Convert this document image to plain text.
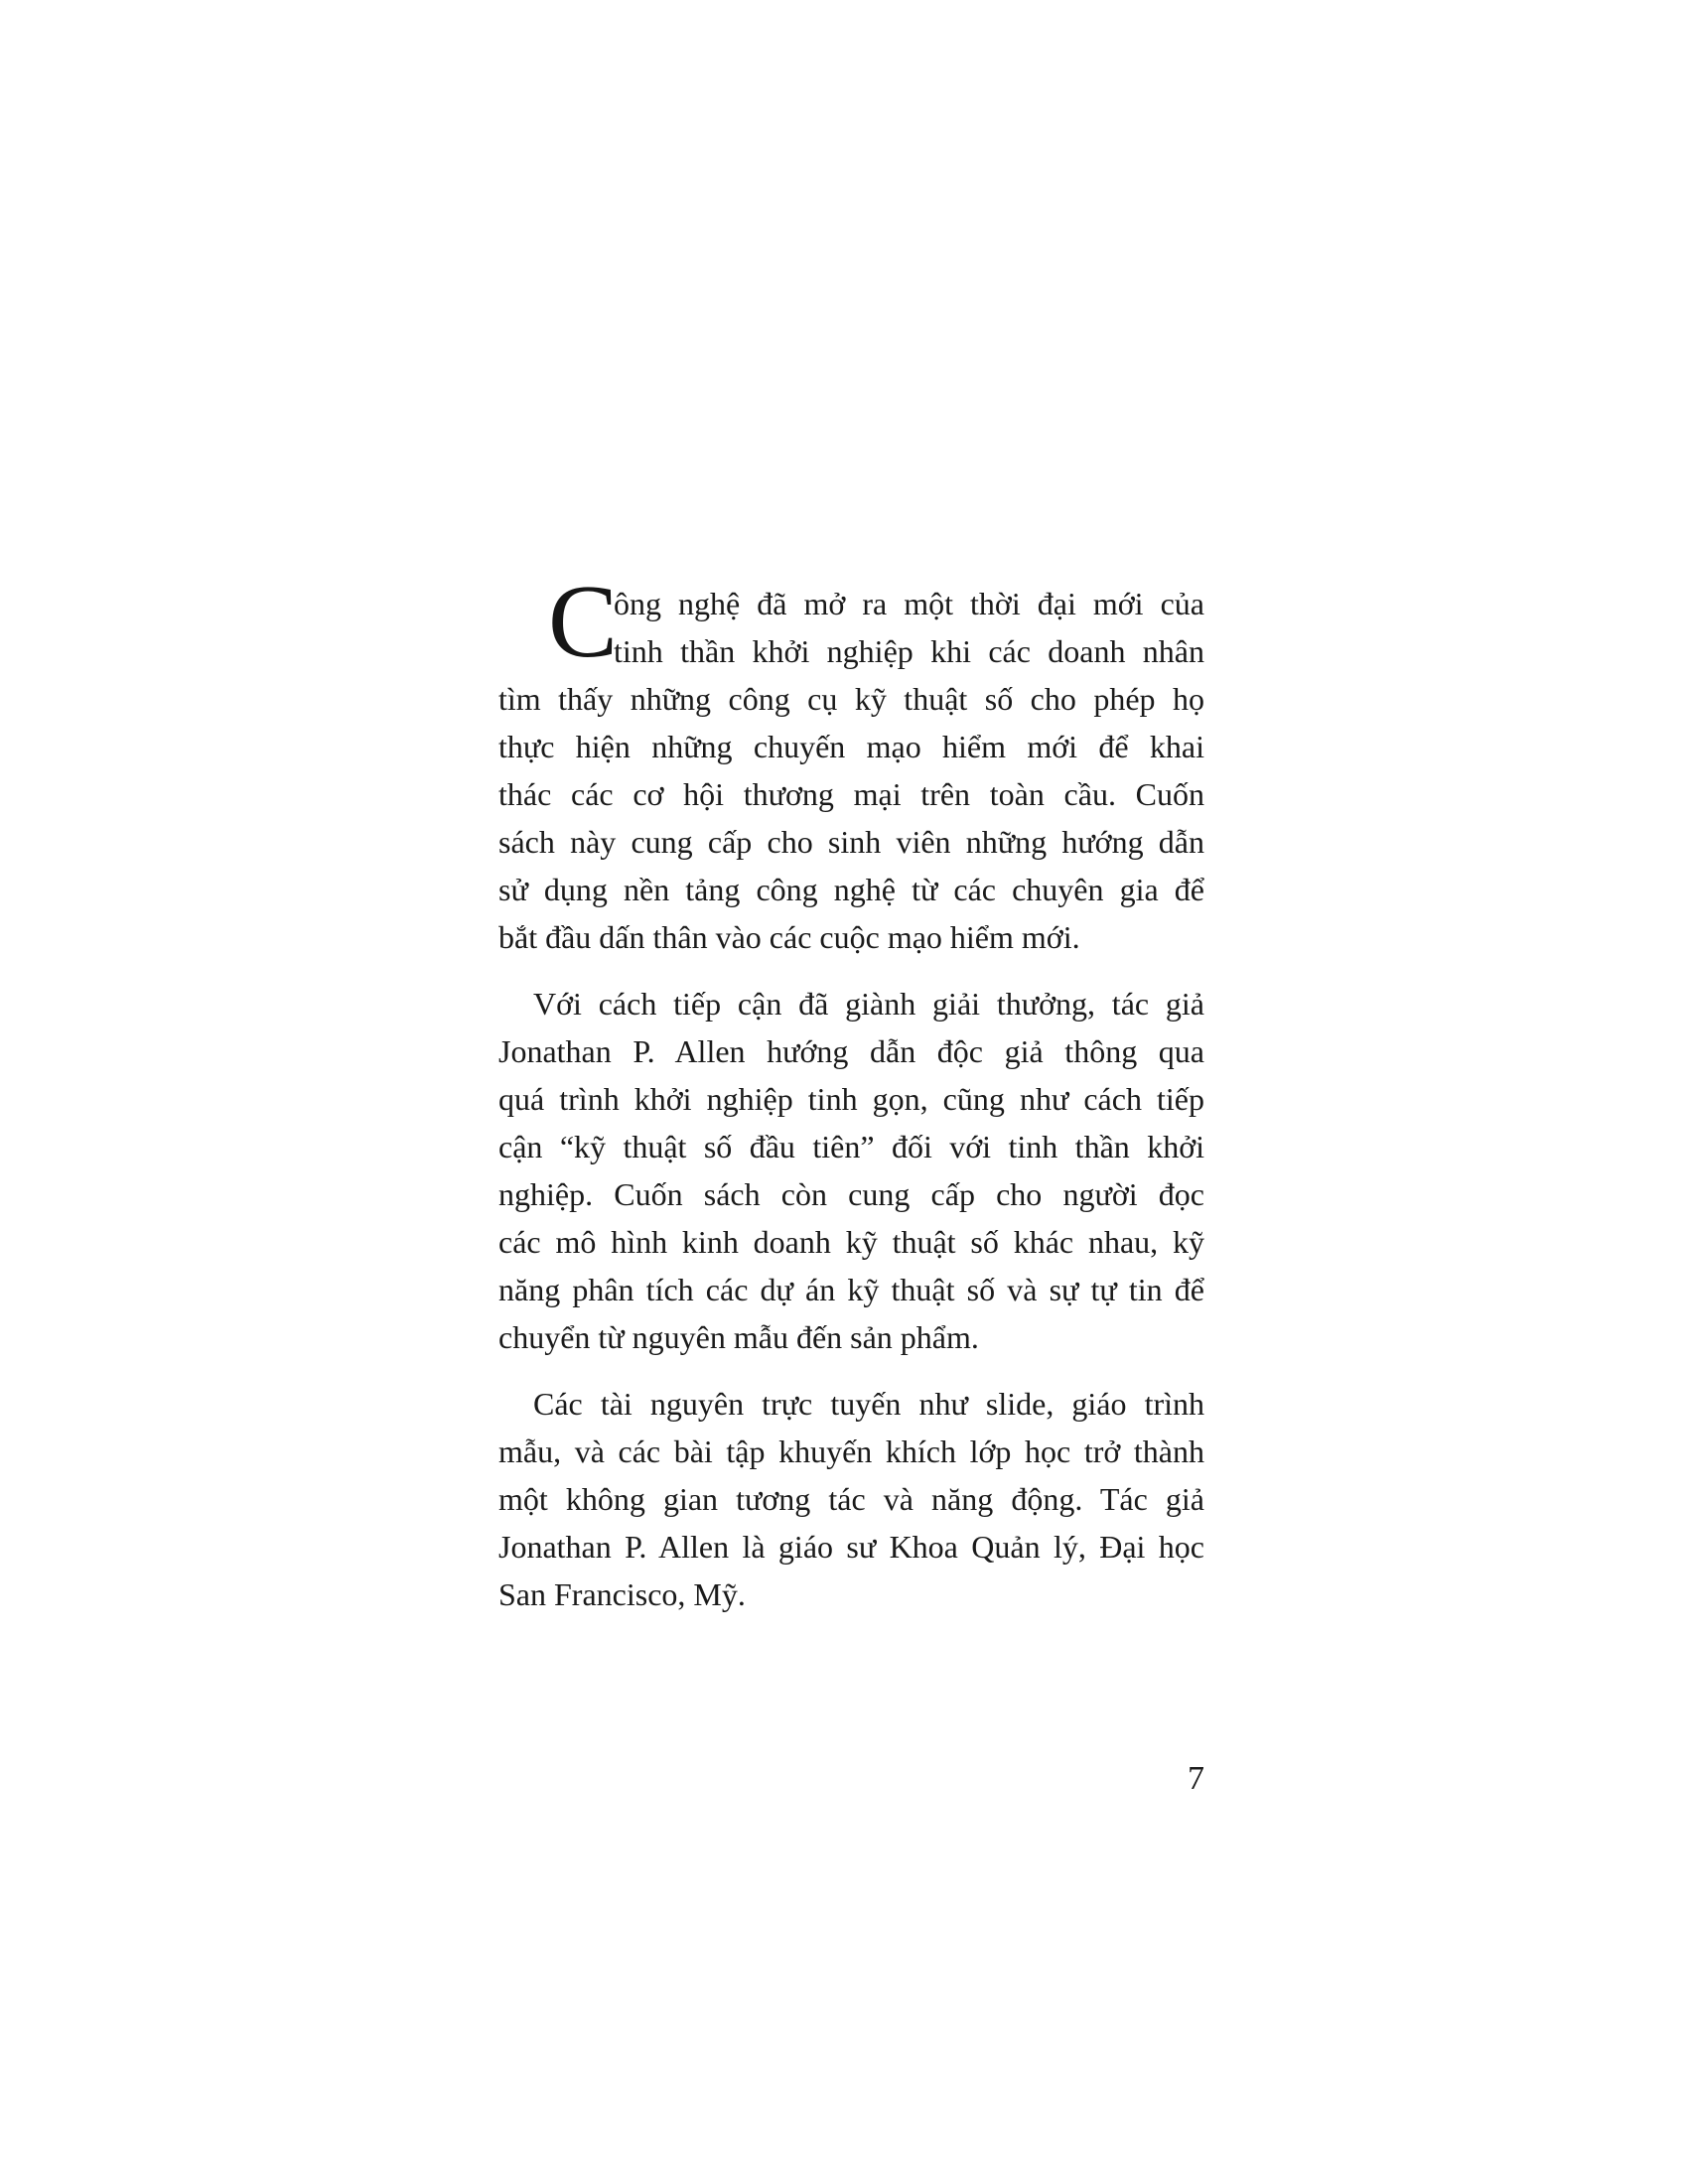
C
ông nghệ đã mở ra một thời đại mới của
tinh thần khởi nghiệp khi các doanh nhân
tìm thấy những công cụ kỹ thuật số cho phép họ
thực hiện những chuyến mạo hiểm mới để khai
thác các cơ hội thương mại trên toàn cầu. Cuốn
sách này cung cấp cho sinh viên những hướng dẫn
sử dụng nền tảng công nghệ từ các chuyên gia để
bắt đầu dấn thân vào các cuộc mạo hiểm mới.
Với cách tiếp cận đã giành giải thưởng, tác giả
Jonathan P. Allen hướng dẫn độc giả thông qua
quá trình khởi nghiệp tinh gọn, cũng như cách tiếp
cận “kỹ thuật số đầu tiên” đối với tinh thần khởi
nghiệp. Cuốn sách còn cung cấp cho người đọc
các mô hình kinh doanh kỹ thuật số khác nhau, kỹ
năng phân tích các dự án kỹ thuật số và sự tự tin để
chuyển từ nguyên mẫu đến sản phẩm.
Các tài nguyên trực tuyến như slide, giáo trình
mẫu, và các bài tập khuyến khích lớp học trở thành
một không gian tương tác và năng động. Tác giả
Jonathan P. Allen là giáo sư Khoa Quản lý, Đại học
San Francisco, Mỹ.
7
